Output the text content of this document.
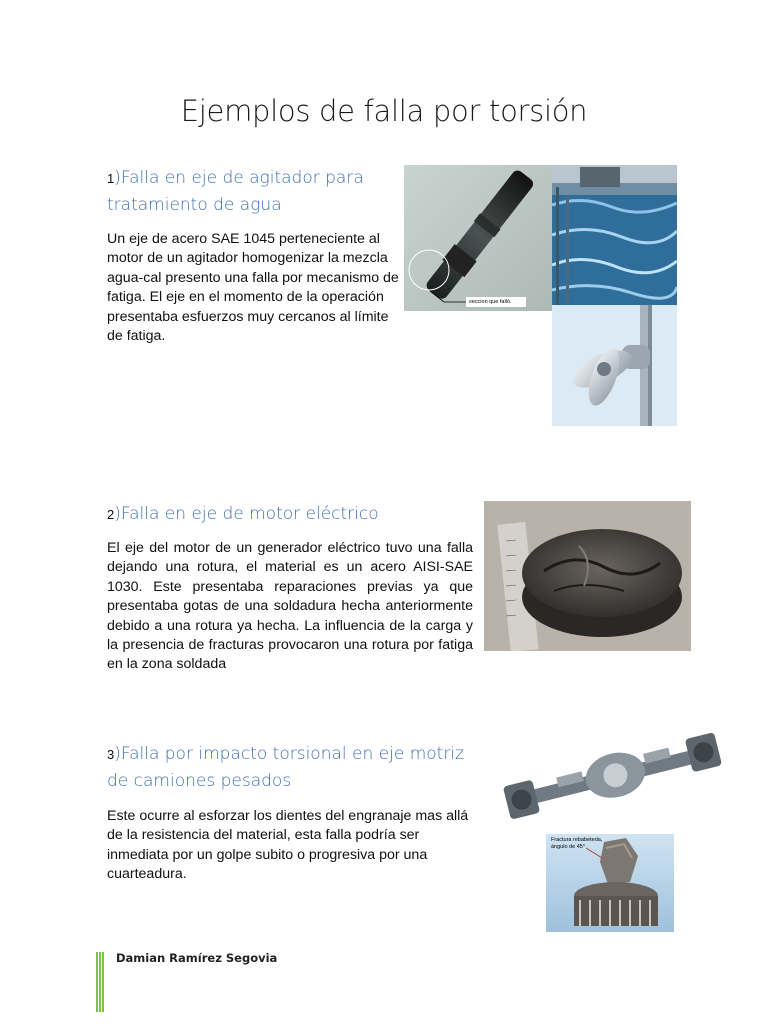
Ejemplos de falla por torsión
1)Falla en eje de agitador para tratamiento de agua
Un eje de acero SAE 1045 perteneciente al motor de un agitador homogenizar la mezcla agua-cal presento una falla por mecanismo de fatiga. El eje en el momento de la operación presentaba esfuerzos muy cercanos al límite de fatiga.
seccion que falló.
2)Falla en eje de motor eléctrico
El eje del motor de un generador eléctrico tuvo una falla dejando una rotura, el material es un acero AISI-SAE 1030. Este presentaba reparaciones previas ya que presentaba gotas de una soldadura hecha anteriormente debido a una rotura ya hecha. La influencia de la carga y la presencia de fracturas provocaron una rotura por fatiga en la zona soldada
3)Falla por impacto torsional en eje motriz de camiones pesados
Este ocurre al esforzar los dientes del engranaje mas allá de la resistencia del material, esta falla podría ser inmediata por un golpe subito o progresiva por una cuarteadura.
Fractura rebabeteda,
ángulo de 45°
Damian Ramírez Segovia
